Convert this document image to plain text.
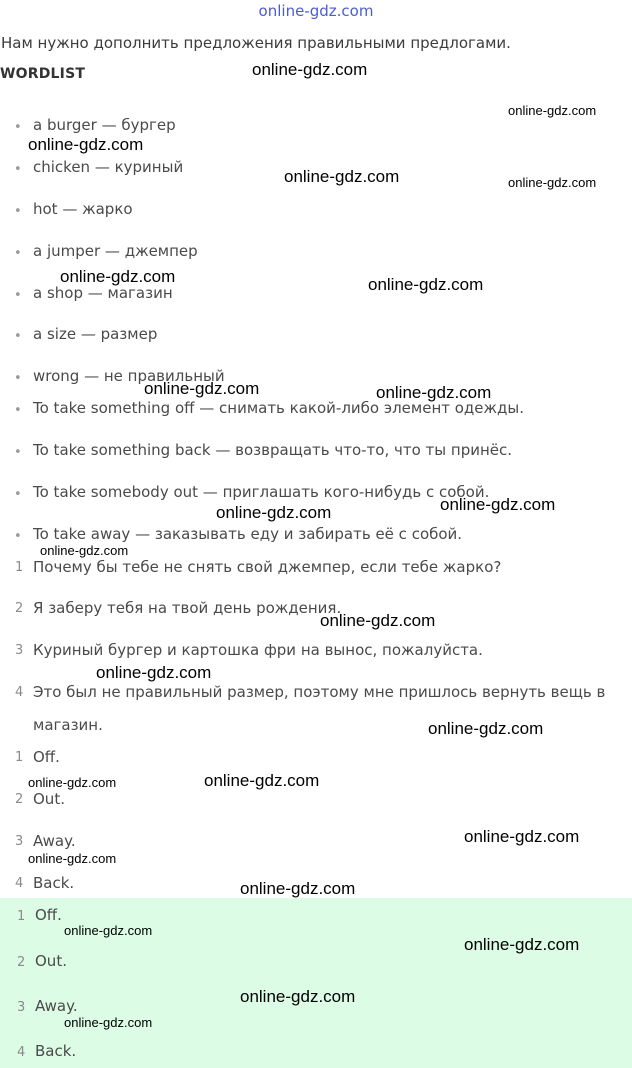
online-gdz.com
Нам нужно дополнить предложения правильными предлогами.
WORDLIST
• a burger — бургер
• chicken — куриный
• hot — жарко
• a jumper — джемпер
• a shop — магазин
• a size — размер
• wrong — не правильный
• To take something off — снимать какой-либо элемент одежды.
• To take something back — возвращать что-то, что ты принёс.
• To take somebody out — приглашать кого-нибудь с собой.
• To take away — заказывать еду и забирать её с собой.
1 Почему бы тебе не снять свой джемпер, если тебе жарко?
2 Я заберу тебя на твой день рождения.
3 Куриный бургер и картошка фри на вынос, пожалуйста.
4 Это был не правильный размер, поэтому мне пришлось вернуть вещь в
магазин.
1 Off.
2 Out.
3 Away.
4 Back.
1 Off.
2 Out.
3 Away.
4 Back.
online-gdz.com
online-gdz.com
online-gdz.com
online-gdz.com	online-gdz.com
online-gdz.com	online-gdz.com
online-gdz.com	online-gdz.com
online-gdz.com
online-gdz.com
online-gdz.com
online-gdz.com
online-gdz.com
online-gdz.com
online-gdz.com
online-gdz.com
online-gdz.com
online-gdz.com
online-gdz.com
online-gdz.com
online-gdz.com
online-gdz.com
online-gdz.com
